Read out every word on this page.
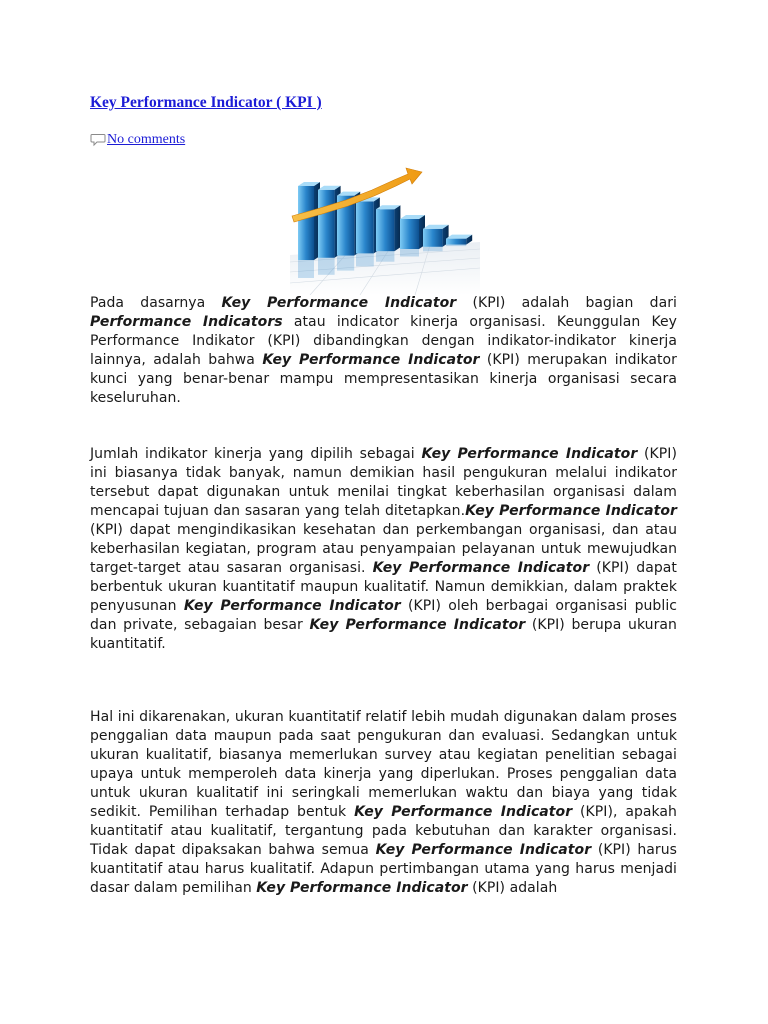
Key Performance Indicator ( KPI )
No comments

Pada dasarnya Key Performance Indicator (KPI) adalah bagian dari Performance Indicators atau indicator kinerja organisasi. Keunggulan Key Performance Indikator (KPI) dibandingkan dengan indikator-indikator kinerja lainnya, adalah bahwa Key Performance Indicator (KPI) merupakan indikator kunci yang benar-benar mampu mempresentasikan kinerja organisasi secara keseluruhan.

Jumlah indikator kinerja yang dipilih sebagai Key Performance Indicator (KPI) ini biasanya tidak banyak, namun demikian hasil pengukuran melalui indikator tersebut dapat digunakan untuk menilai tingkat keberhasilan organisasi dalam mencapai tujuan dan sasaran yang telah ditetapkan.Key Performance Indicator (KPI) dapat mengindikasikan kesehatan dan perkembangan organisasi, dan atau keberhasilan kegiatan, program atau penyampaian pelayanan untuk mewujudkan target-target atau sasaran organisasi. Key Performance Indicator (KPI) dapat berbentuk ukuran kuantitatif maupun kualitatif. Namun demikkian, dalam praktek penyusunan Key Performance Indicator (KPI) oleh berbagai organisasi public dan private, sebagaian besar Key Performance Indicator (KPI) berupa ukuran kuantitatif.

Hal ini dikarenakan, ukuran kuantitatif relatif lebih mudah digunakan dalam proses penggalian data maupun pada saat pengukuran dan evaluasi. Sedangkan untuk ukuran kualitatif, biasanya memerlukan survey atau kegiatan penelitian sebagai upaya untuk memperoleh data kinerja yang diperlukan. Proses penggalian data untuk ukuran kualitatif ini seringkali memerlukan waktu dan biaya yang tidak sedikit. Pemilihan terhadap bentuk Key Performance Indicator (KPI), apakah kuantitatif atau kualitatif, tergantung pada kebutuhan dan karakter organisasi. Tidak dapat dipaksakan bahwa semua Key Performance Indicator (KPI) harus kuantitatif atau harus kualitatif. Adapun pertimbangan utama yang harus menjadi dasar dalam pemilihan Key Performance Indicator (KPI) adalah
